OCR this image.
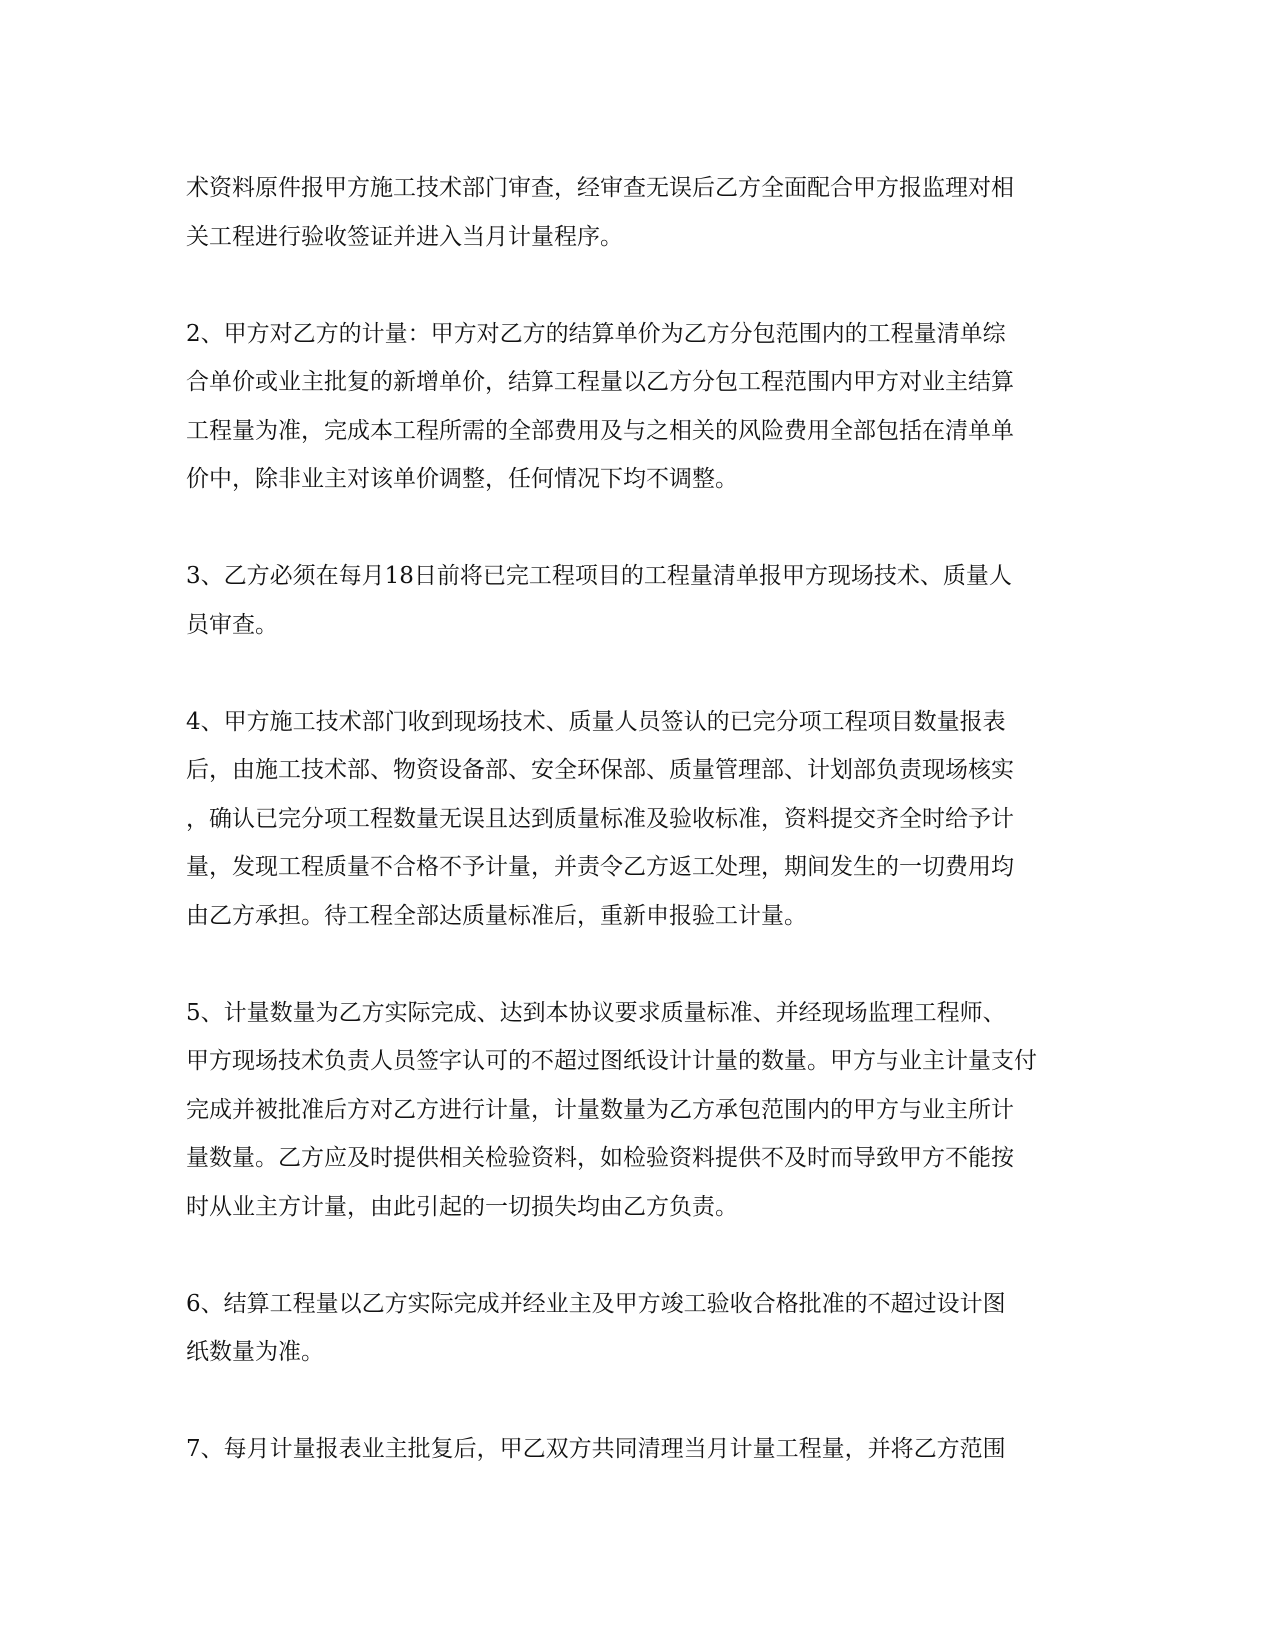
术资料原件报甲方施工技术部门审查，经审查无误后乙方全面配合甲方报监理对相
关工程进行验收签证并进入当月计量程序。

2、甲方对乙方的计量：甲方对乙方的结算单价为乙方分包范围内的工程量清单综
合单价或业主批复的新增单价，结算工程量以乙方分包工程范围内甲方对业主结算
工程量为准，完成本工程所需的全部费用及与之相关的风险费用全部包括在清单单
价中，除非业主对该单价调整，任何情况下均不调整。

3、乙方必须在每月18日前将已完工程项目的工程量清单报甲方现场技术、质量人
员审查。

4、甲方施工技术部门收到现场技术、质量人员签认的已完分项工程项目数量报表
后，由施工技术部、物资设备部、安全环保部、质量管理部、计划部负责现场核实
，确认已完分项工程数量无误且达到质量标准及验收标准，资料提交齐全时给予计
量，发现工程质量不合格不予计量，并责令乙方返工处理，期间发生的一切费用均
由乙方承担。待工程全部达质量标准后，重新申报验工计量。

5、计量数量为乙方实际完成、达到本协议要求质量标准、并经现场监理工程师、
甲方现场技术负责人员签字认可的不超过图纸设计计量的数量。甲方与业主计量支付
完成并被批准后方对乙方进行计量，计量数量为乙方承包范围内的甲方与业主所计
量数量。乙方应及时提供相关检验资料，如检验资料提供不及时而导致甲方不能按
时从业主方计量，由此引起的一切损失均由乙方负责。

6、结算工程量以乙方实际完成并经业主及甲方竣工验收合格批准的不超过设计图
纸数量为准。

7、每月计量报表业主批复后，甲乙双方共同清理当月计量工程量，并将乙方范围
